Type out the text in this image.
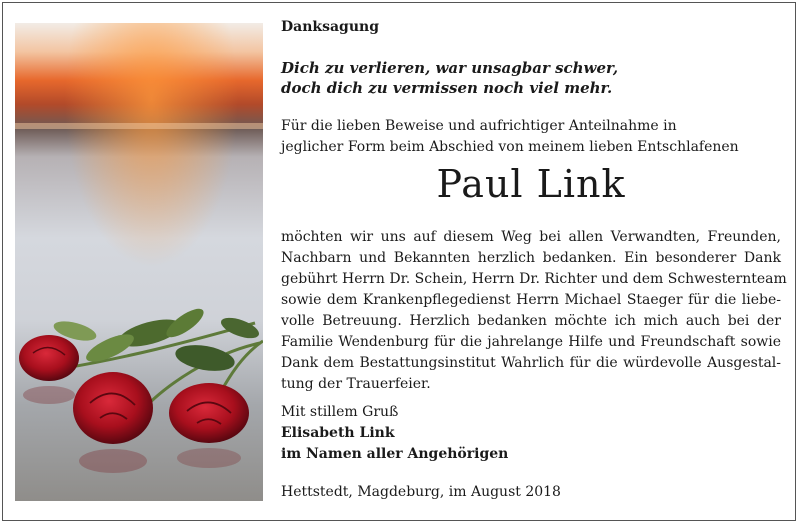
Danksagung
Dich zu verlieren, war unsagbar schwer,
doch dich zu vermissen noch viel mehr.
Für die lieben Beweise und aufrichtiger Anteilnahme in
jeglicher Form beim Abschied von meinem lieben Entschlafenen
Paul Link
möchten wir uns auf diesem Weg bei allen Verwandten, Freunden,
Nachbarn und Bekannten herzlich bedanken. Ein besonderer Dank
gebührt Herrn Dr. Schein, Herrn Dr. Richter und dem Schwesternteam
sowie dem Krankenpflegedienst Herrn Michael Staeger für die liebe-
volle Betreuung. Herzlich bedanken möchte ich mich auch bei der
Familie Wendenburg für die jahrelange Hilfe und Freundschaft sowie
Dank dem Bestattungsinstitut Wahrlich für die würdevolle Ausgestal-
tung der Trauerfeier.
Mit stillem Gruß
Elisabeth Link
im Namen aller Angehörigen
Hettstedt, Magdeburg, im August 2018
